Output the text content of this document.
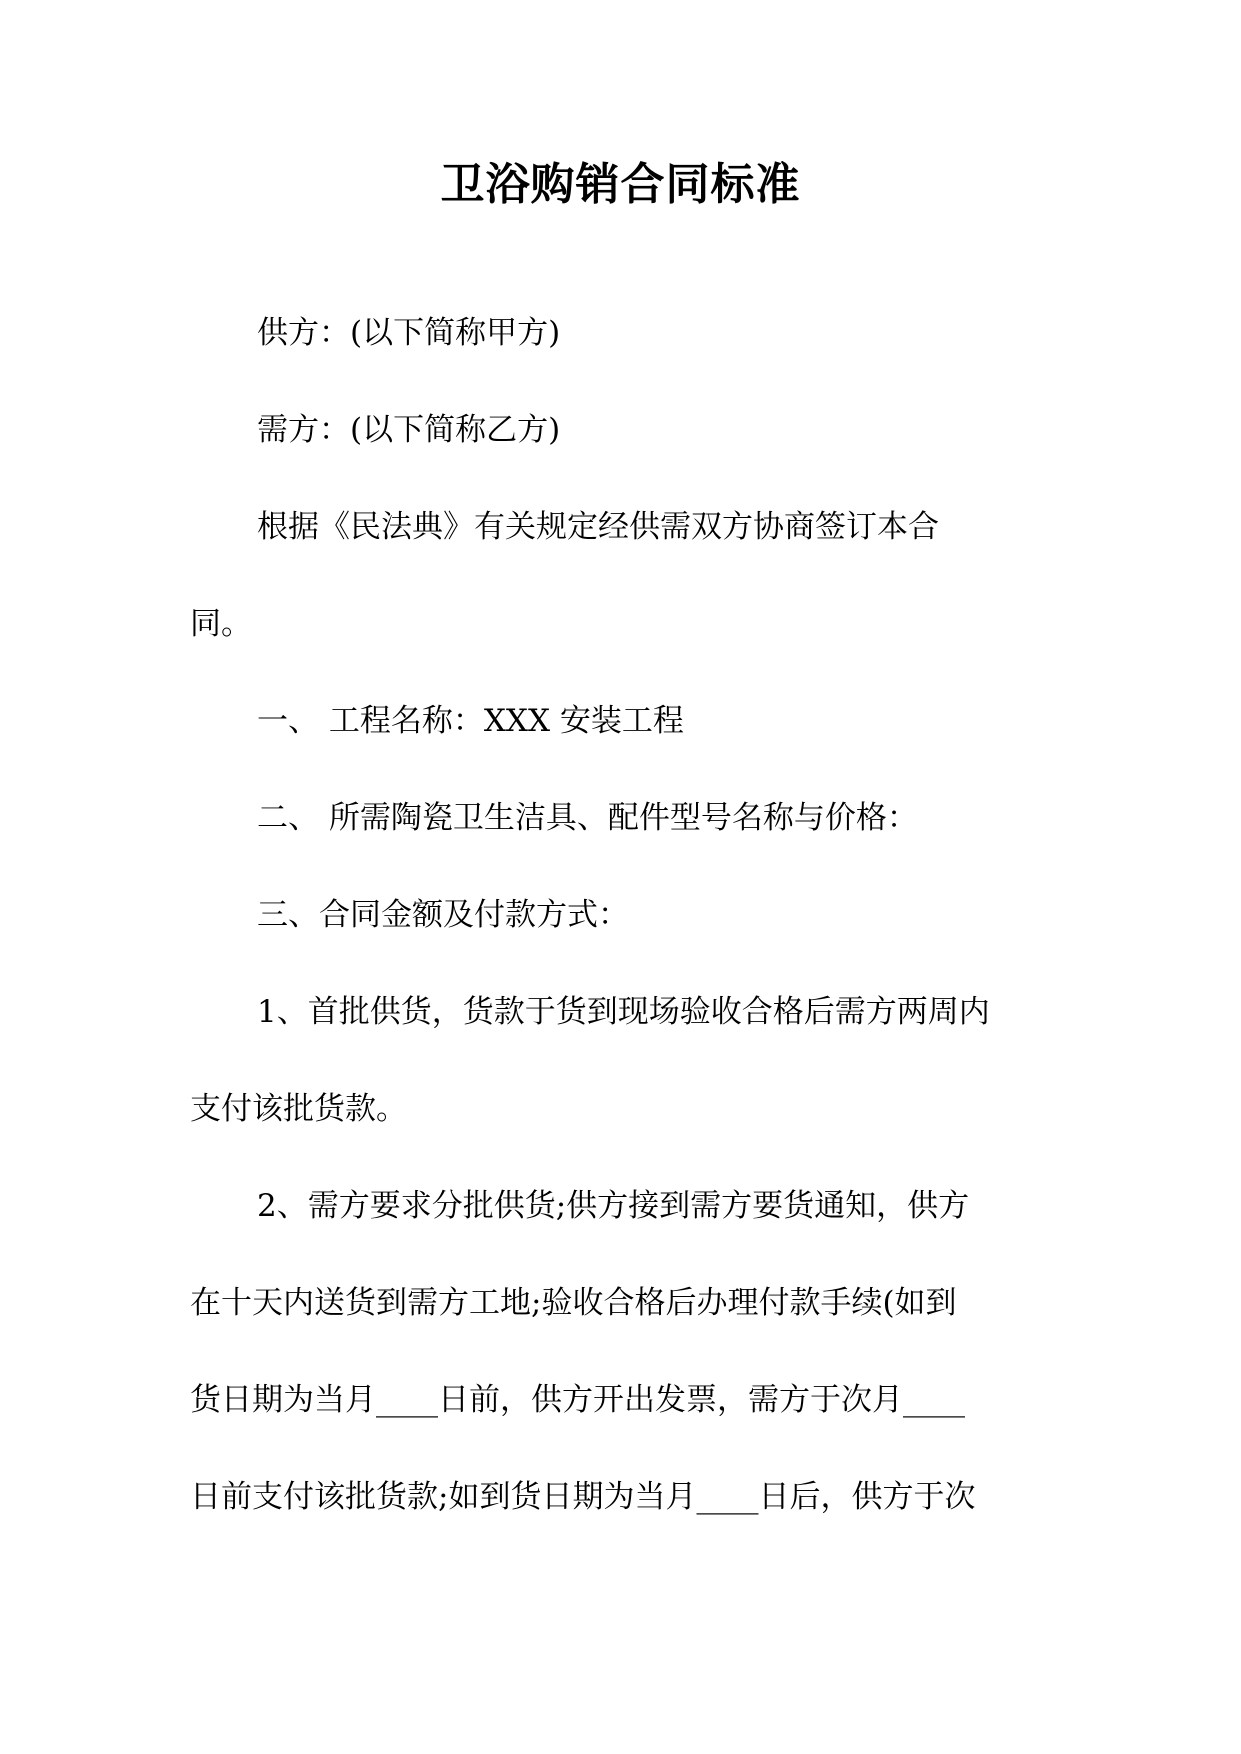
卫浴购销合同标准

供方：(以下简称甲方)

需方：(以下简称乙方)

根据《民法典》有关规定经供需双方协商签订本合

同。

一、 工程名称：XXX 安装工程

二、 所需陶瓷卫生洁具、配件型号名称与价格：

三、合同金额及付款方式：

1、首批供货，货款于货到现场验收合格后需方两周内

支付该批货款。

2、需方要求分批供货;供方接到需方要货通知，供方

在十天内送货到需方工地;验收合格后办理付款手续(如到

货日期为当月____日前，供方开出发票，需方于次月____

日前支付该批货款;如到货日期为当月____日后，供方于次
